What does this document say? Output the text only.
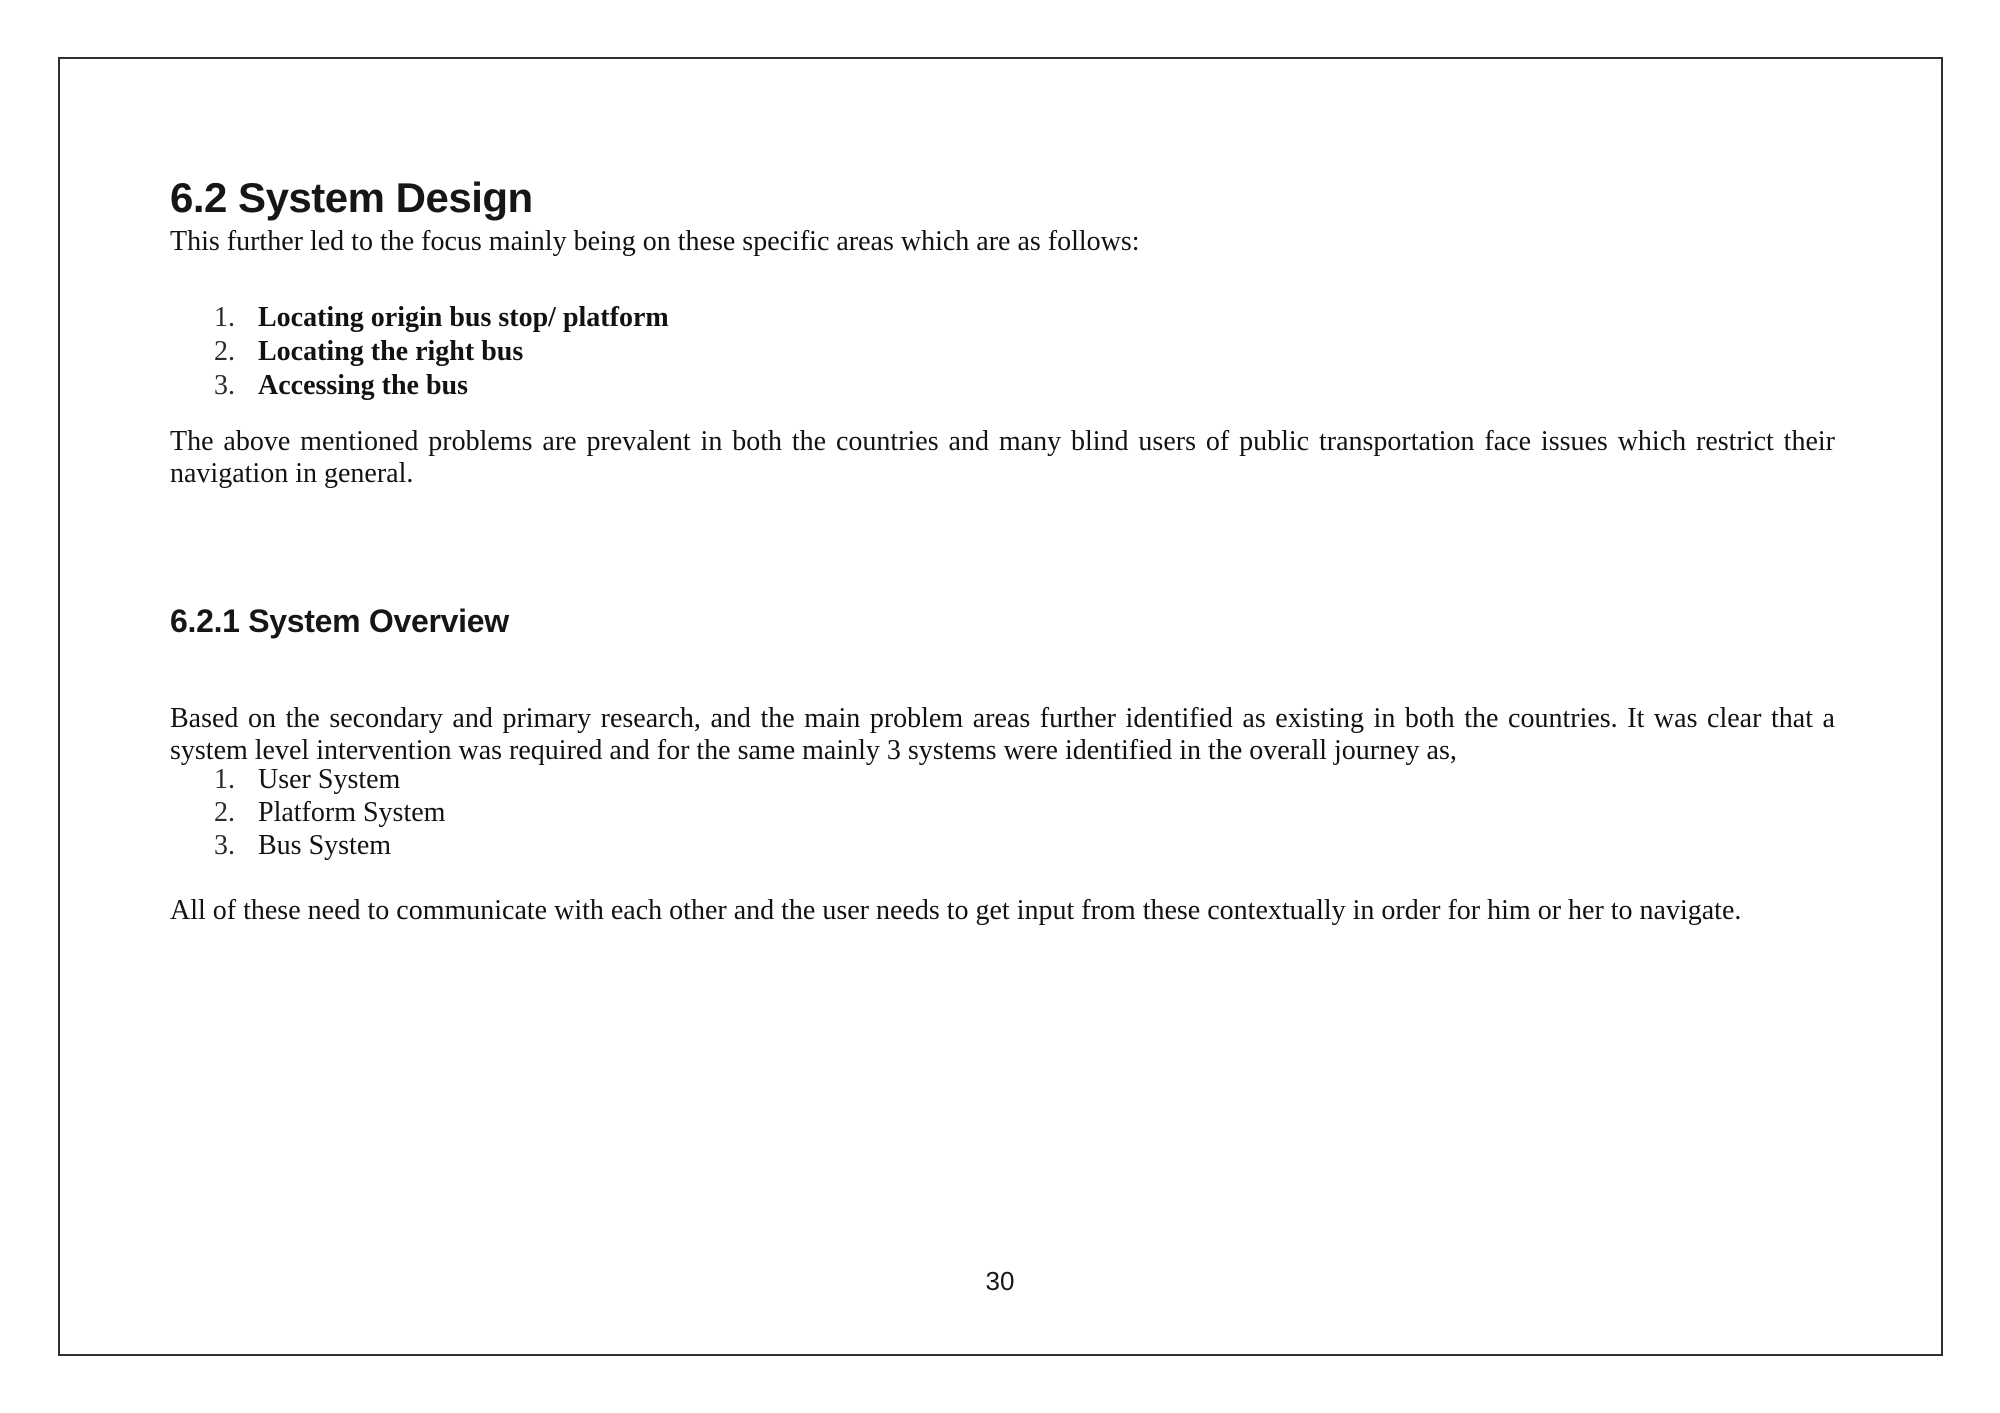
6.2 System Design

This further led to the focus mainly being on these specific areas which are as follows:

Locating origin bus stop/ platform
Locating the right bus
Accessing the bus

The above mentioned problems are prevalent in both the countries and many blind users of public transportation face issues which restrict their navigation in general.

6.2.1 System Overview

Based on the secondary and primary research, and the main problem areas further identified as existing in both the countries. It was clear that a system level intervention was required and for the same mainly 3 systems were identified in the overall journey as,

User System
Platform System
Bus System

All of these need to communicate with each other and the user needs to get input from these contextually in order for him or her to navigate.

30
